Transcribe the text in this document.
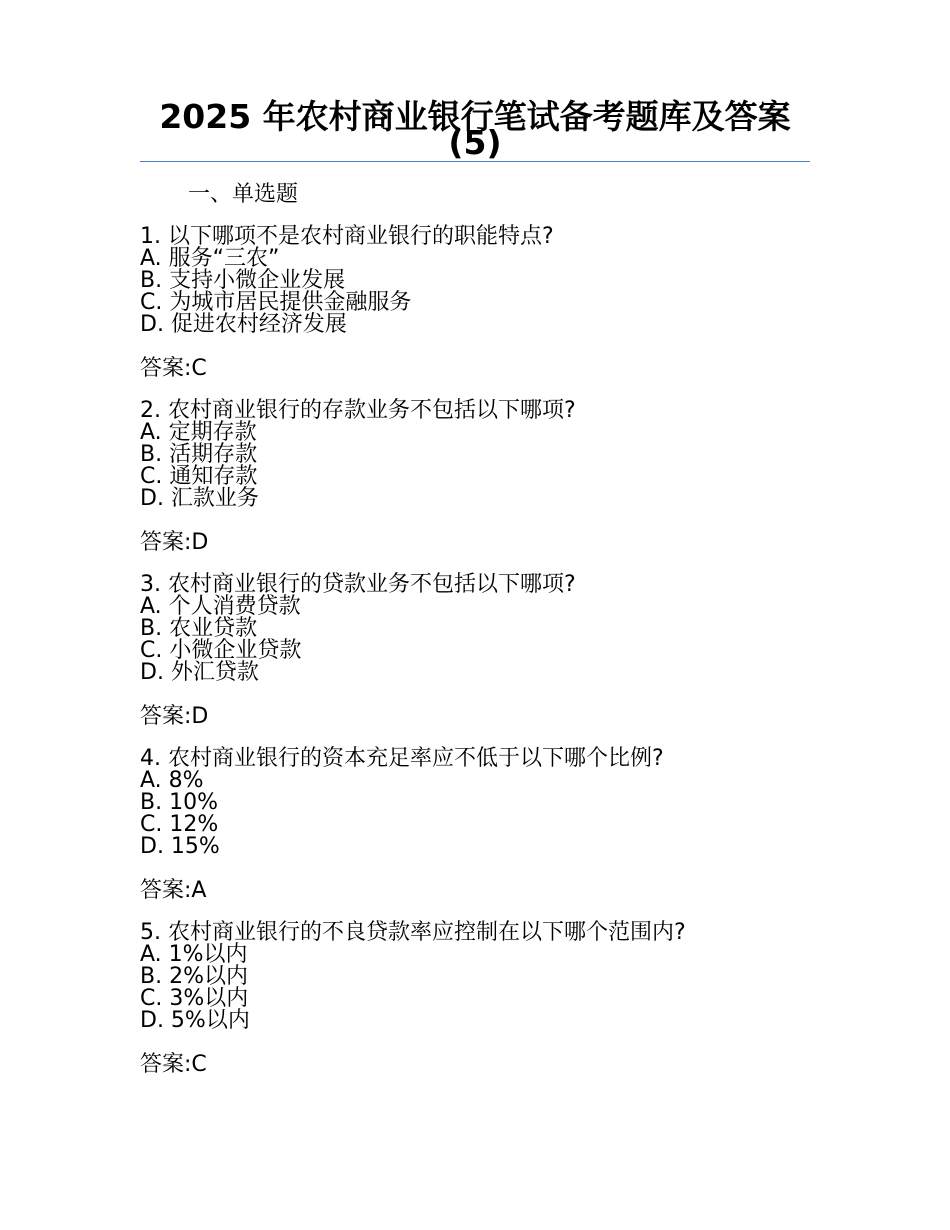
2025 年农村商业银行笔试备考题库及答案(5)
一、单选题
1. 以下哪项不是农村商业银行的职能特点?
A. 服务“三农”
B. 支持小微企业发展
C. 为城市居民提供金融服务
D. 促进农村经济发展
答案:C
2. 农村商业银行的存款业务不包括以下哪项?
A. 定期存款
B. 活期存款
C. 通知存款
D. 汇款业务
答案:D
3. 农村商业银行的贷款业务不包括以下哪项?
A. 个人消费贷款
B. 农业贷款
C. 小微企业贷款
D. 外汇贷款
答案:D
4. 农村商业银行的资本充足率应不低于以下哪个比例?
A. 8%
B. 10%
C. 12%
D. 15%
答案:A
5. 农村商业银行的不良贷款率应控制在以下哪个范围内?
A. 1%以内
B. 2%以内
C. 3%以内
D. 5%以内
答案:C
